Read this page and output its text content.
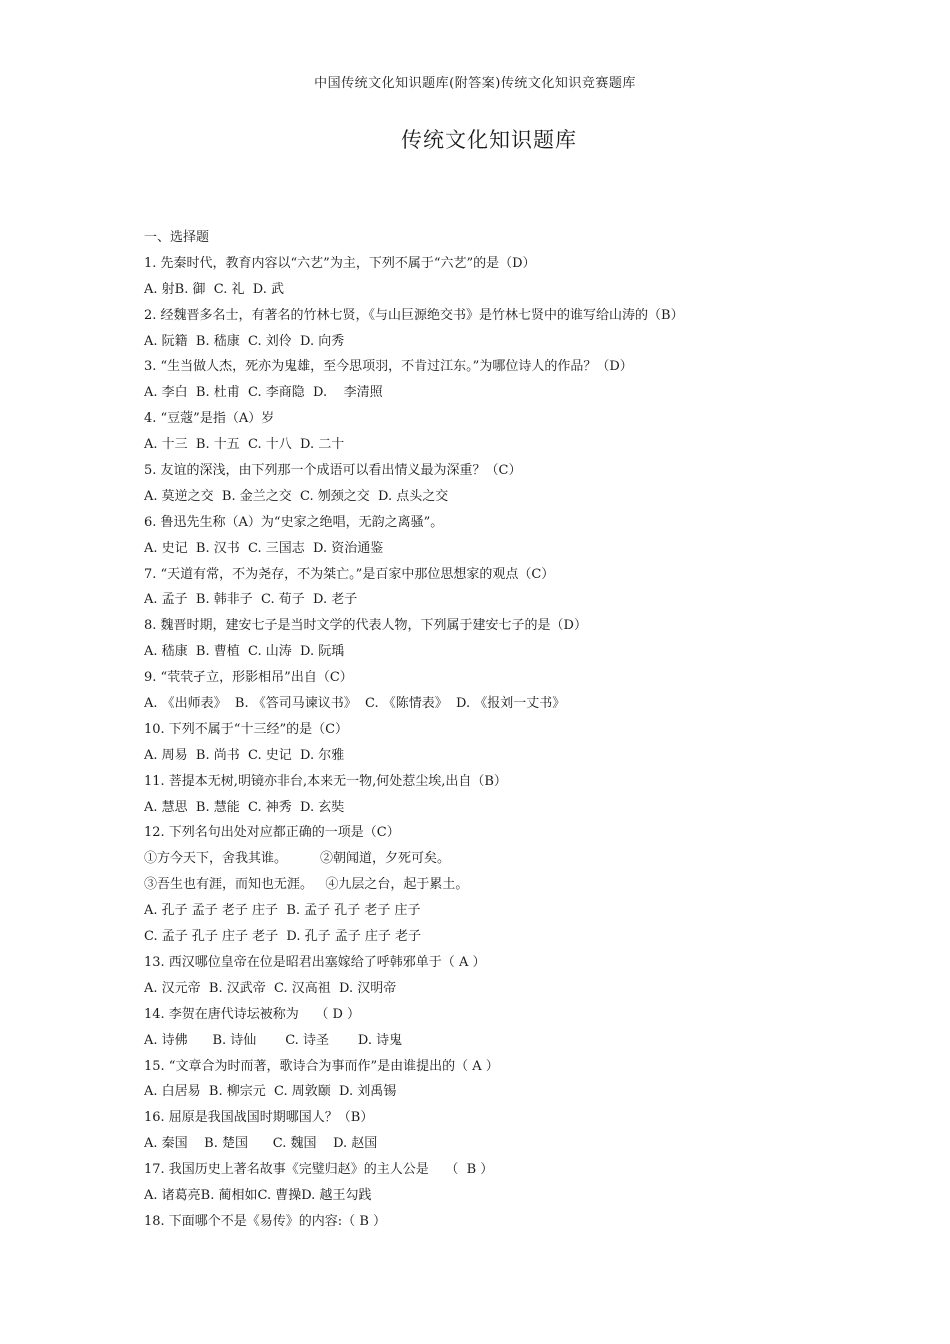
中国传统文化知识题库(附答案)传统文化知识竞赛题库
传统文化知识题库
一、选择题
1. 先秦时代，教育内容以“六艺”为主，下列不属于“六艺”的是（D）
A. 射B. 御  C. 礼  D. 武
2. 经魏晋多名士，有著名的竹林七贤，《与山巨源绝交书》是竹林七贤中的谁写给山涛的（B）
A. 阮籍  B. 嵇康  C. 刘伶  D. 向秀
3. “生当做人杰，死亦为鬼雄，至今思项羽，不肯过江东。”为哪位诗人的作品？（D）
A. 李白  B. 杜甫  C. 李商隐  D.    李清照
4. “豆蔻”是指（A）岁
A. 十三  B. 十五  C. 十八  D. 二十
5. 友谊的深浅，由下列那一个成语可以看出情义最为深重？（C）
A. 莫逆之交  B. 金兰之交  C. 刎颈之交  D. 点头之交
6. 鲁迅先生称（A）为“史家之绝唱，无韵之离骚”。
A. 史记  B. 汉书  C. 三国志  D. 资治通鉴
7. “天道有常，不为尧存，不为桀亡。”是百家中那位思想家的观点（C）
A. 孟子  B. 韩非子  C. 荀子  D. 老子
8. 魏晋时期，建安七子是当时文学的代表人物，下列属于建安七子的是（D）
A. 嵇康  B. 曹植  C. 山涛  D. 阮瑀
9. “茕茕孑立，形影相吊”出自（C）
A. 《出师表》  B. 《答司马谏议书》  C. 《陈情表》  D. 《报刘一丈书》
10. 下列不属于“十三经”的是（C）
A. 周易  B. 尚书  C. 史记  D. 尔雅
11. 菩提本无树,明镜亦非台,本来无一物,何处惹尘埃,出自（B）
A. 慧思  B. 慧能  C. 神秀  D. 玄奘
12. 下列名句出处对应都正确的一项是（C）
①方今天下，舍我其谁。        ②朝闻道，夕死可矣。
③吾生也有涯，而知也无涯。   ④九层之台，起于累土。
A. 孔子 孟子 老子 庄子  B. 孟子 孔子 老子 庄子
C. 孟子 孔子 庄子 老子  D. 孔子 孟子 庄子 老子
13. 西汉哪位皇帝在位是昭君出塞嫁给了呼韩邪单于（ A ）
A. 汉元帝  B. 汉武帝  C. 汉高祖  D. 汉明帝
14. 李贺在唐代诗坛被称为    （ D ）
A. 诗佛      B. 诗仙       C. 诗圣       D. 诗鬼
15. “文章合为时而著，歌诗合为事而作”是由谁提出的（ A ）
A. 白居易  B. 柳宗元  C. 周敦颐  D. 刘禹锡
16. 屈原是我国战国时期哪国人？（B）
A. 秦国    B. 楚国      C. 魏国    D. 赵国
17. 我国历史上著名故事《完璧归赵》的主人公是    （  B ）
A. 诸葛亮B. 蔺相如C. 曹操D. 越王勾践
18. 下面哪个不是《易传》的内容:（ B ）
